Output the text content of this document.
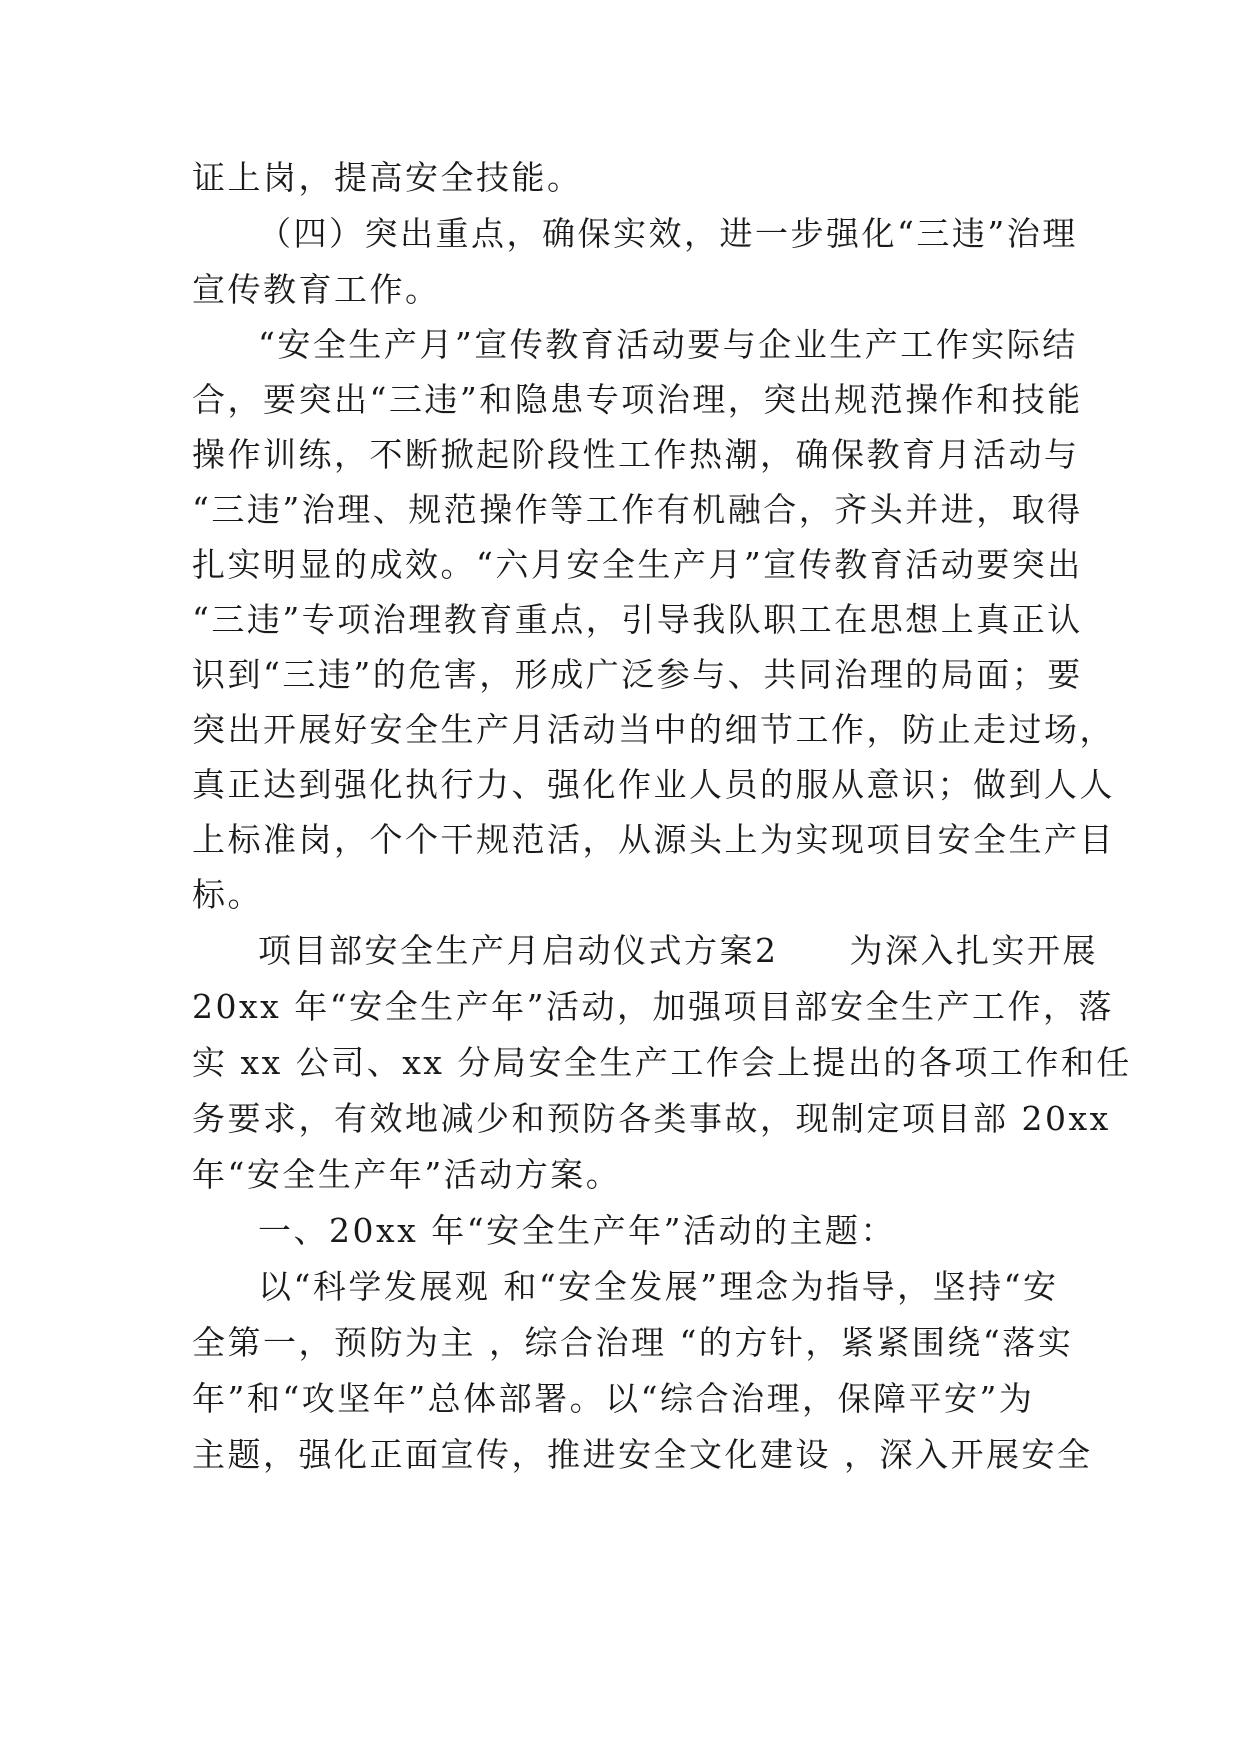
证上岗，提高安全技能。
（四）突出重点，确保实效，进一步强化“三违”治理
宣传教育工作。
“安全生产月”宣传教育活动要与企业生产工作实际结
合，要突出“三违”和隐患专项治理，突出规范操作和技能
操作训练，不断掀起阶段性工作热潮，确保教育月活动与
“三违”治理、规范操作等工作有机融合，齐头并进，取得
扎实明显的成效。“六月安全生产月”宣传教育活动要突出
“三违”专项治理教育重点，引导我队职工在思想上真正认
识到“三违”的危害，形成广泛参与、共同治理的局面；要
突出开展好安全生产月活动当中的细节工作，防止走过场，
真正达到强化执行力、强化作业人员的服从意识；做到人人
上标准岗，个个干规范活，从源头上为实现项目安全生产目
标。
项目部安全生产月启动仪式方案2　　为深入扎实开展
20xx 年“安全生产年”活动，加强项目部安全生产工作，落
实 xx 公司、xx 分局安全生产工作会上提出的各项工作和任
务要求，有效地减少和预防各类事故，现制定项目部 20xx
年“安全生产年”活动方案。
一、20xx 年“安全生产年”活动的主题：
以“科学发展观 和“安全发展”理念为指导，坚持“安
全第一，预防为主 ，综合治理 “的方针，紧紧围绕“落实
年”和“攻坚年”总体部署。以“综合治理，保障平安”为
主题，强化正面宣传，推进安全文化建设 ，深入开展安全
